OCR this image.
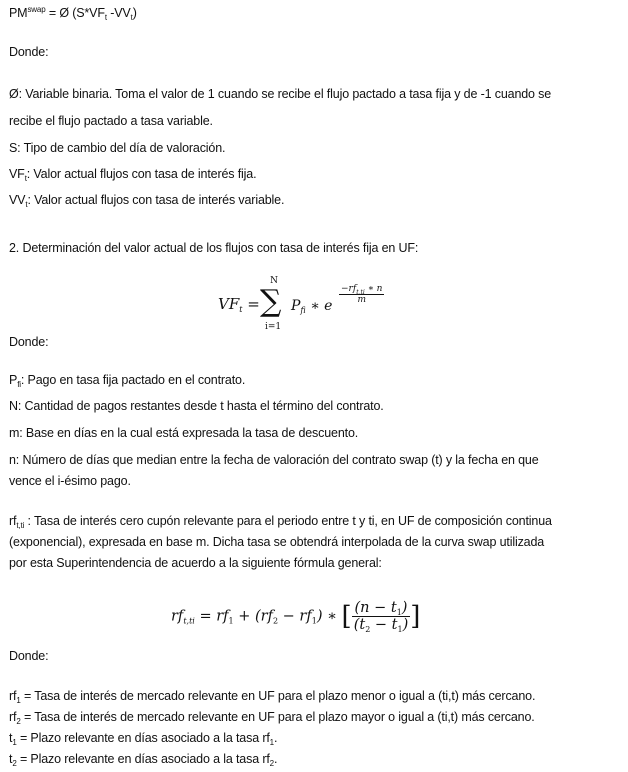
$PM^{swap}$ = Ø ($S*VF_t$ $-VV_t$)
Donde:
Ø: Variable binaria. Toma el valor de 1 cuando se recibe el flujo pactado a tasa fija y de -1 cuando se
recibe el flujo pactado a tasa variable.
S: Tipo de cambio del día de valoración.
$VF_t$: Valor actual flujos con tasa de interés fija.
$VV_t$: Valor actual flujos con tasa de interés variable.
2. Determinación del valor actual de los flujos con tasa de interés fija en UF:
$VF_t$ =
N
∑
i=1
$P_{fi}$ ∗ e
$-rf_{t,ti}$ ∗ n
m
Donde:
$P_{fi}$: Pago en tasa fija pactado en el contrato.
N: Cantidad de pagos restantes desde t hasta el término del contrato.
m: Base en días en la cual está expresada la tasa de descuento.
n: Número de días que median entre la fecha de valoración del contrato swap (t) y la fecha en que
vence el i-ésimo pago.
$rf_{t,ti}$ : Tasa de interés cero cupón relevante para el periodo entre t y ti, en UF de composición continua
(exponencial), expresada en base m. Dicha tasa se obtendrá interpolada de la curva swap utilizada
por esta Superintendencia de acuerdo a la siguiente fórmula general:
$rf_{t,ti} = rf_1 + (rf_2 - rf_1)$ ∗ [ $\frac{(n - t_1)}{(t_2 - t_1)}$ ]
Donde:
$rf_1$ = Tasa de interés de mercado relevante en UF para el plazo menor o igual a (ti,t) más cercano.
$rf_2$ = Tasa de interés de mercado relevante en UF para el plazo mayor o igual a (ti,t) más cercano.
$t_1$ = Plazo relevante en días asociado a la tasa $rf_1$.
$t_2$ = Plazo relevante en días asociado a la tasa $rf_2$.
